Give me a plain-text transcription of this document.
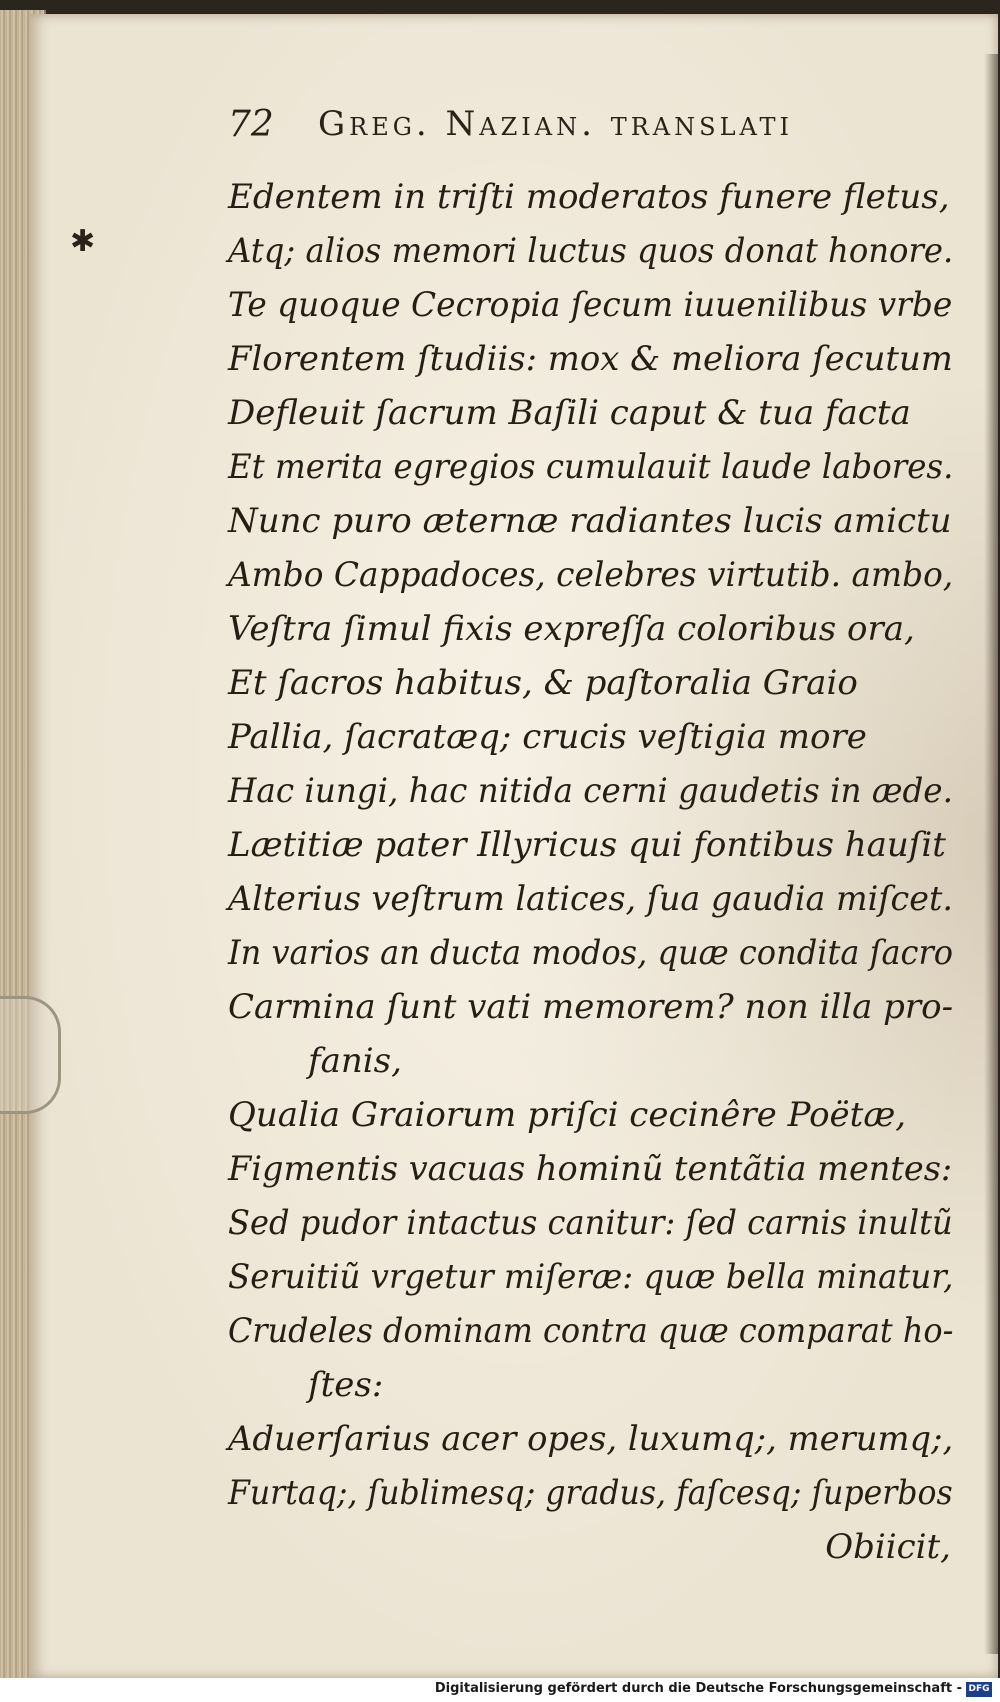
72 Greg. Nazian. translati
✱
Edentem in triſti moderatos funere fletus,
Atq; alios memori luctus quos donat honore.
Te quoque Cecropia ſecum iuuenilibus vrbe
Florentem ſtudiis: mox & meliora ſecutum
Defleuit ſacrum Baſili caput & tua facta
Et merita egregios cumulauit laude labores.
Nunc puro æternæ radiantes lucis amictu
Ambo Cappadoces, celebres virtutib. ambo,
Veſtra ſimul fixis expreſſa coloribus ora,
Et ſacros habitus, & paſtoralia Graio
Pallia, ſacratæq; crucis veſtigia more
Hac iungi, hac nitida cerni gaudetis in æde.
Lætitiæ pater Illyricus qui fontibus hauſit
Alterius veſtrum latices, ſua gaudia miſcet.
In varios an ducta modos, quæ condita ſacro
Carmina ſunt vati memorem? non illa pro-
fanis,
Qualia Graiorum priſci cecinêre Poëtæ,
Figmentis vacuas hominũ tentãtia mentes:
Sed pudor intactus canitur: ſed carnis inultũ
Seruitiũ vrgetur miſeræ: quæ bella minatur,
Crudeles dominam contra quæ comparat ho-
ſtes:
Aduerſarius acer opes, luxumq;, merumq;,
Furtaq;, ſublimesq; gradus, faſcesq; ſuperbos
Obiicit,
Digitalisierung gefördert durch die Deutsche Forschungsgemeinschaft - DFG
